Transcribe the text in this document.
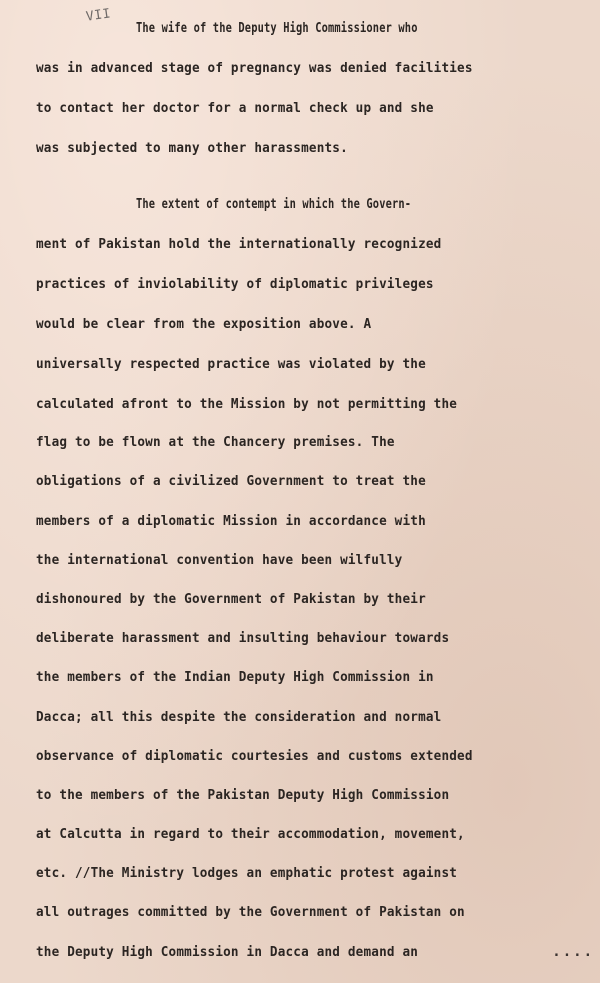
VII
The wife of the Deputy High Commissioner who
was in advanced stage of pregnancy was denied facilities
to contact her doctor for a normal check up and she
was subjected to many other harassments.
The extent of contempt in which the Govern-
ment of Pakistan hold the internationally recognized
practices of inviolability of diplomatic privileges
would be clear from the exposition above. A
universally respected practice was violated by the
calculated afront to the Mission by not permitting the
flag to be flown at the Chancery premises. The
obligations of a civilized Government to treat the
members of a diplomatic Mission in accordance with
the international convention have been wilfully
dishonoured by the Government of Pakistan by their
deliberate harassment and insulting behaviour towards
the members of the Indian Deputy High Commission in
Dacca; all this despite the consideration and normal
observance of diplomatic courtesies and customs extended
to the members of the Pakistan Deputy High Commission
at Calcutta in regard to their accommodation, movement,
etc. //The Ministry lodges an emphatic protest against
all outrages committed by the Government of Pakistan on
the Deputy High Commission in Dacca and demand an	....
